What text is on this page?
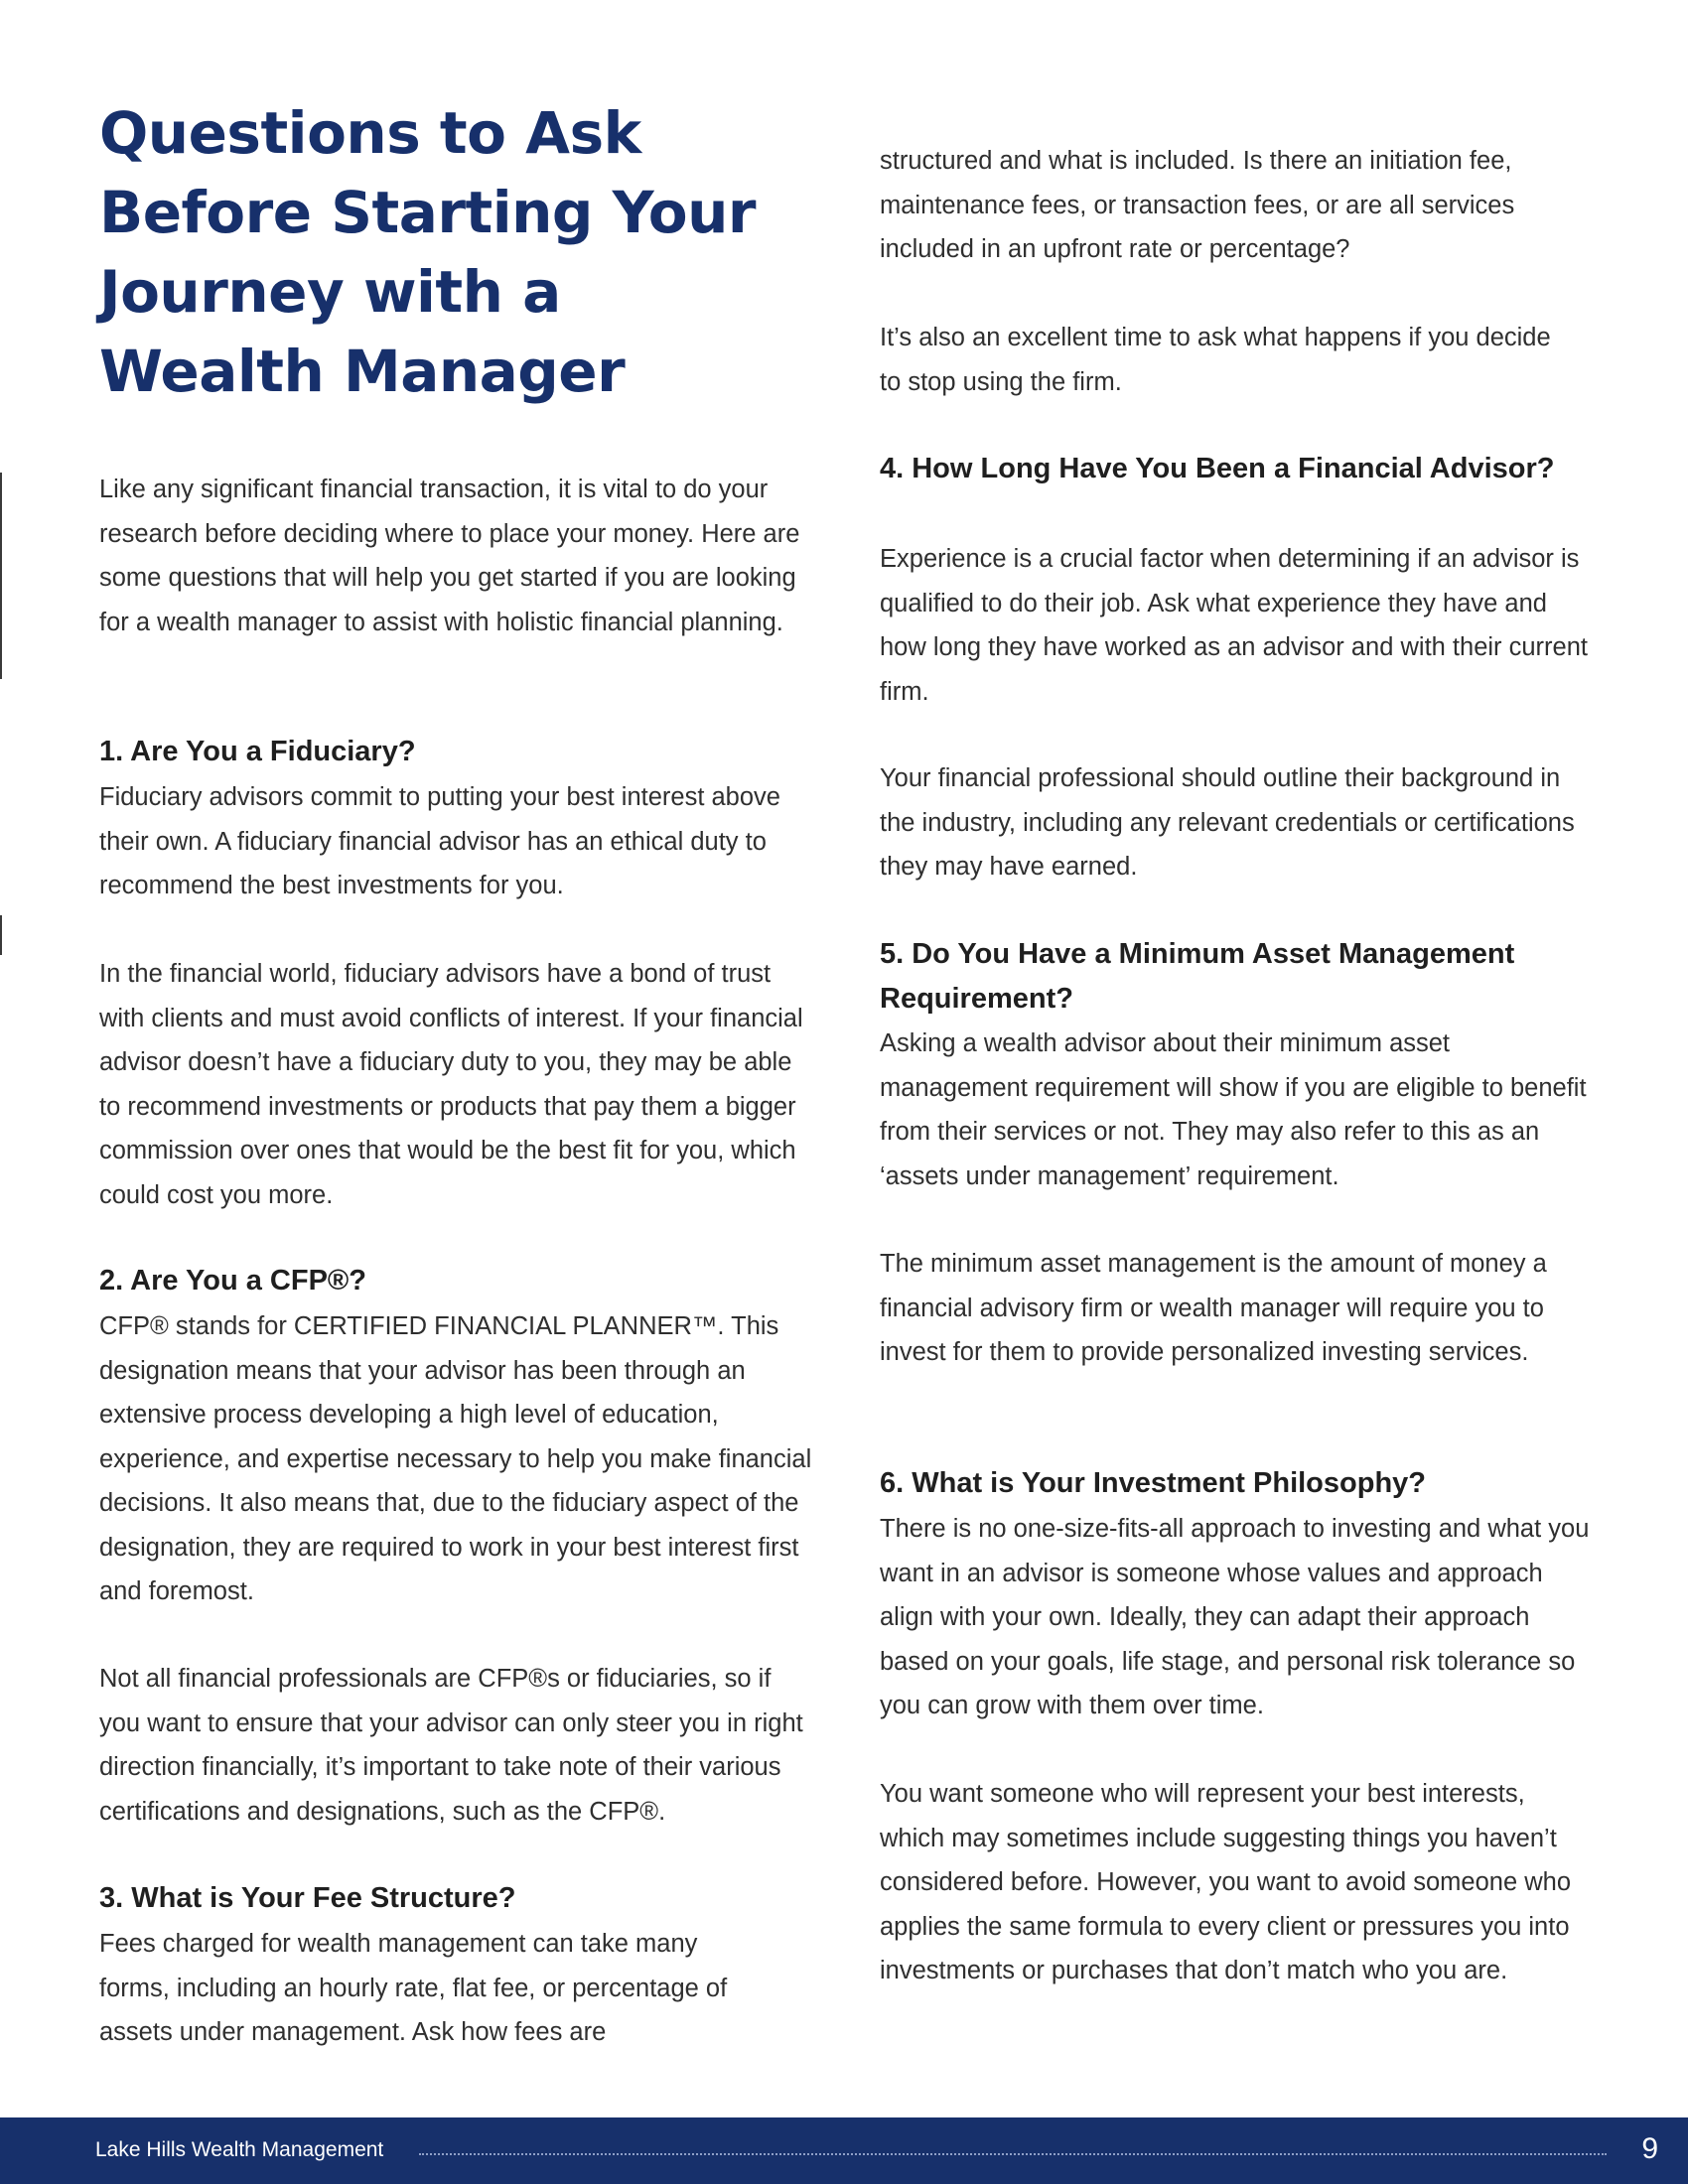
Questions to Ask Before Starting Your Journey with a Wealth Manager

Like any significant financial transaction, it is vital to do your research before deciding where to place your money. Here are some questions that will help you get started if you are looking for a wealth manager to assist with holistic financial planning.

1. Are You a Fiduciary?

Fiduciary advisors commit to putting your best interest above their own. A fiduciary financial advisor has an ethical duty to recommend the best investments for you.

In the financial world, fiduciary advisors have a bond of trust with clients and must avoid conflicts of interest. If your financial advisor doesn’t have a fiduciary duty to you, they may be able to recommend investments or products that pay them a bigger commission over ones that would be the best fit for you, which could cost you more.

2. Are You a CFP®?

CFP® stands for CERTIFIED FINANCIAL PLANNER™. This designation means that your advisor has been through an extensive process developing a high level of education, experience, and expertise necessary to help you make financial decisions. It also means that, due to the fiduciary aspect of the designation, they are required to work in your best interest first and foremost.

Not all financial professionals are CFP®s or fiduciaries, so if you want to ensure that your advisor can only steer you in right direction financially, it’s important to take note of their various certifications and designations, such as the CFP®.

3. What is Your Fee Structure?

Fees charged for wealth management can take many forms, including an hourly rate, flat fee, or percentage of assets under management. Ask how fees are

structured and what is included. Is there an initiation fee, maintenance fees, or transaction fees, or are all services included in an upfront rate or percentage?

It’s also an excellent time to ask what happens if you decide to stop using the firm.

4. How Long Have You Been a Financial Advisor?

Experience is a crucial factor when determining if an advisor is qualified to do their job. Ask what experience they have and how long they have worked as an advisor and with their current firm.

Your financial professional should outline their background in the industry, including any relevant credentials or certifications they may have earned.

5. Do You Have a Minimum Asset Management Requirement?

Asking a wealth advisor about their minimum asset management requirement will show if you are eligible to benefit from their services or not. They may also refer to this as an ‘assets under management’ requirement.

The minimum asset management is the amount of money a financial advisory firm or wealth manager will require you to invest for them to provide personalized investing services.

6. What is Your Investment Philosophy?

There is no one-size-fits-all approach to investing and what you want in an advisor is someone whose values and approach align with your own. Ideally, they can adapt their approach based on your goals, life stage, and personal risk tolerance so you can grow with them over time.

You want someone who will represent your best interests, which may sometimes include suggesting things you haven’t considered before. However, you want to avoid someone who applies the same formula to every client or pressures you into investments or purchases that don’t match who you are.

Lake Hills Wealth Management	9
